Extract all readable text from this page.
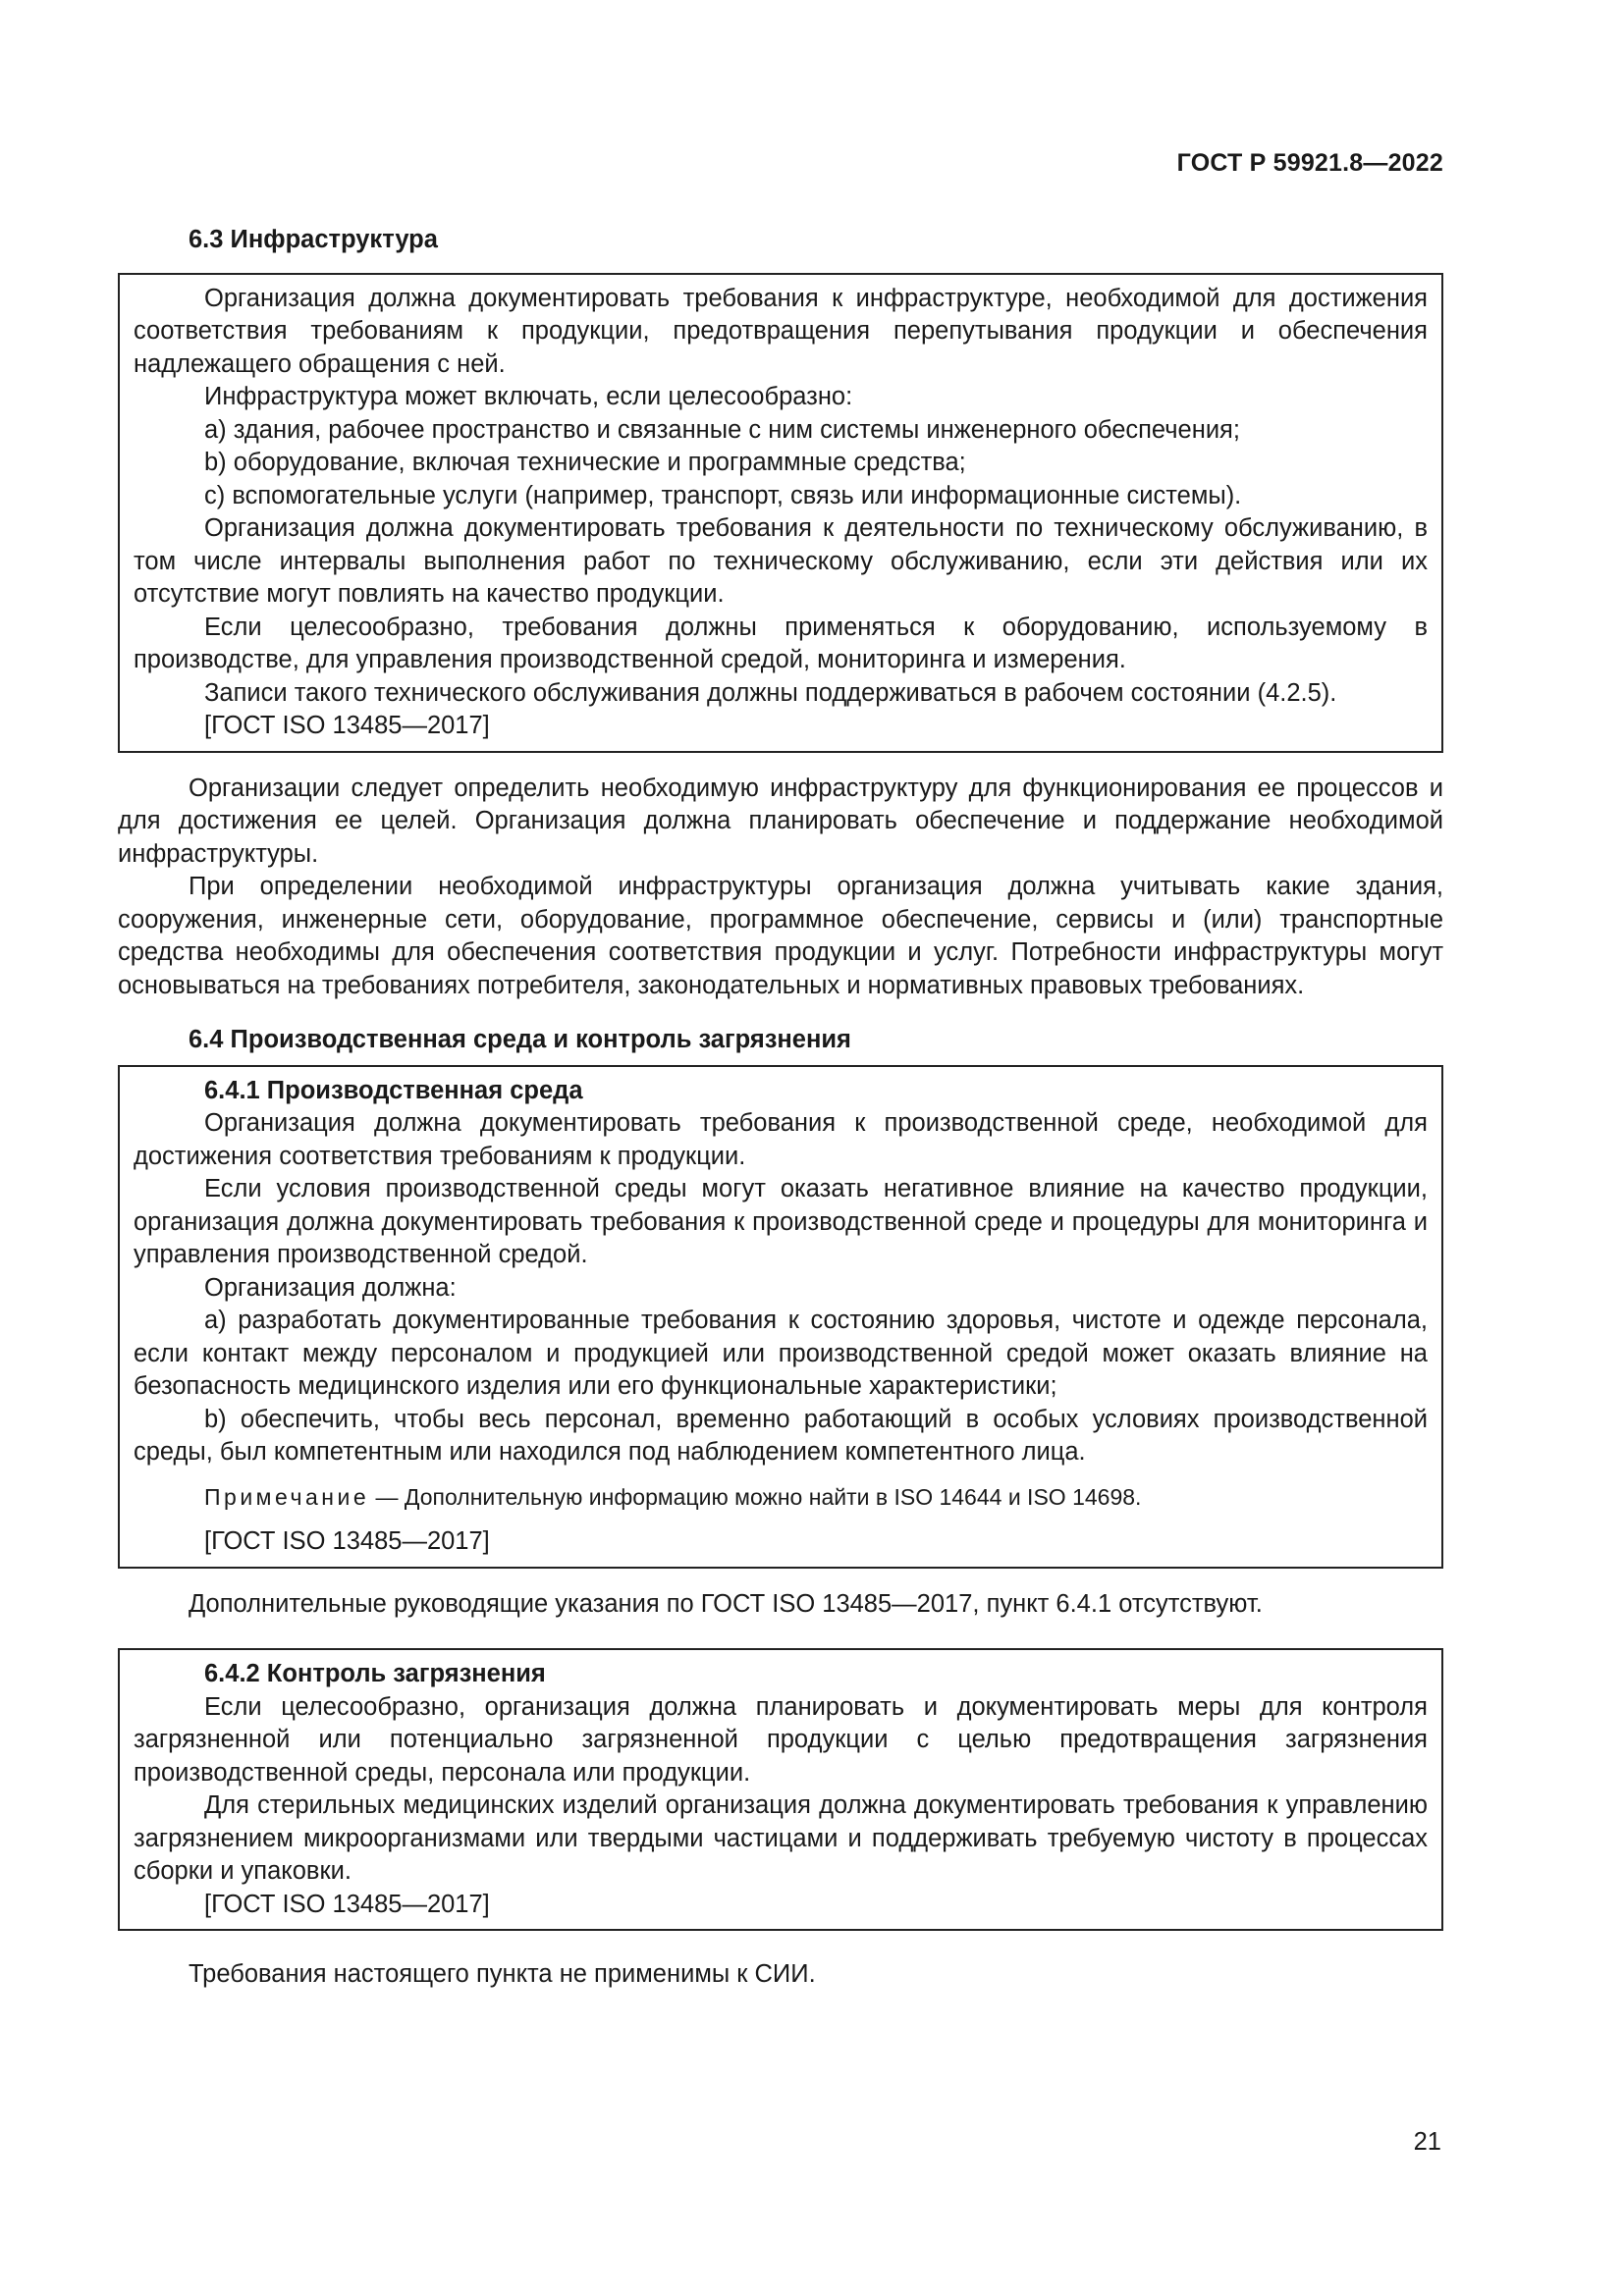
ГОСТ Р 59921.8—2022
6.3 Инфраструктура

Организация должна документировать требования к инфраструктуре, необходимой для достижения соответствия требованиям к продукции, предотвращения перепутывания продукции и обеспечения надлежащего обращения с ней.

Инфраструктура может включать, если целесообразно:

a) здания, рабочее пространство и связанные с ним системы инженерного обеспечения;

b) оборудование, включая технические и программные средства;

c) вспомогательные услуги (например, транспорт, связь или информационные системы).

Организация должна документировать требования к деятельности по техническому обслуживанию, в том числе интервалы выполнения работ по техническому обслуживанию, если эти действия или их отсутствие могут повлиять на качество продукции.

Если целесообразно, требования должны применяться к оборудованию, используемому в производстве, для управления производственной средой, мониторинга и измерения.

Записи такого технического обслуживания должны поддерживаться в рабочем состоянии (4.2.5).

[ГОСТ ISO 13485—2017]

Организации следует определить необходимую инфраструктуру для функционирования ее процессов и для достижения ее целей. Организация должна планировать обеспечение и поддержание необходимой инфраструктуры.

При определении необходимой инфраструктуры организация должна учитывать какие здания, сооружения, инженерные сети, оборудование, программное обеспечение, сервисы и (или) транспортные средства необходимы для обеспечения соответствия продукции и услуг. Потребности инфраструктуры могут основываться на требованиях потребителя, законодательных и нормативных правовых требованиях.

6.4 Производственная среда и контроль загрязнения
6.4.1 Производственная среда

Организация должна документировать требования к производственной среде, необходимой для достижения соответствия требованиям к продукции.

Если условия производственной среды могут оказать негативное влияние на качество продукции, организация должна документировать требования к производственной среде и процедуры для мониторинга и управления производственной средой.

Организация должна:

a) разработать документированные требования к состоянию здоровья, чистоте и одежде персонала, если контакт между персоналом и продукцией или производственной средой может оказать влияние на безопасность медицинского изделия или его функциональные характеристики;

b) обеспечить, чтобы весь персонал, временно работающий в особых условиях производственной среды, был компетентным или находился под наблюдением компетентного лица.

Примечание — Дополнительную информацию можно найти в ISO 14644 и ISO 14698.

[ГОСТ ISO 13485—2017]

Дополнительные руководящие указания по ГОСТ ISO 13485—2017, пункт 6.4.1 отсутствуют.

6.4.2 Контроль загрязнения

Если целесообразно, организация должна планировать и документировать меры для контроля загрязненной или потенциально загрязненной продукции с целью предотвращения загрязнения производственной среды, персонала или продукции.

Для стерильных медицинских изделий организация должна документировать требования к управлению загрязнением микроорганизмами или твердыми частицами и поддерживать требуемую чистоту в процессах сборки и упаковки.

[ГОСТ ISO 13485—2017]

Требования настоящего пункта не применимы к СИИ.

21
